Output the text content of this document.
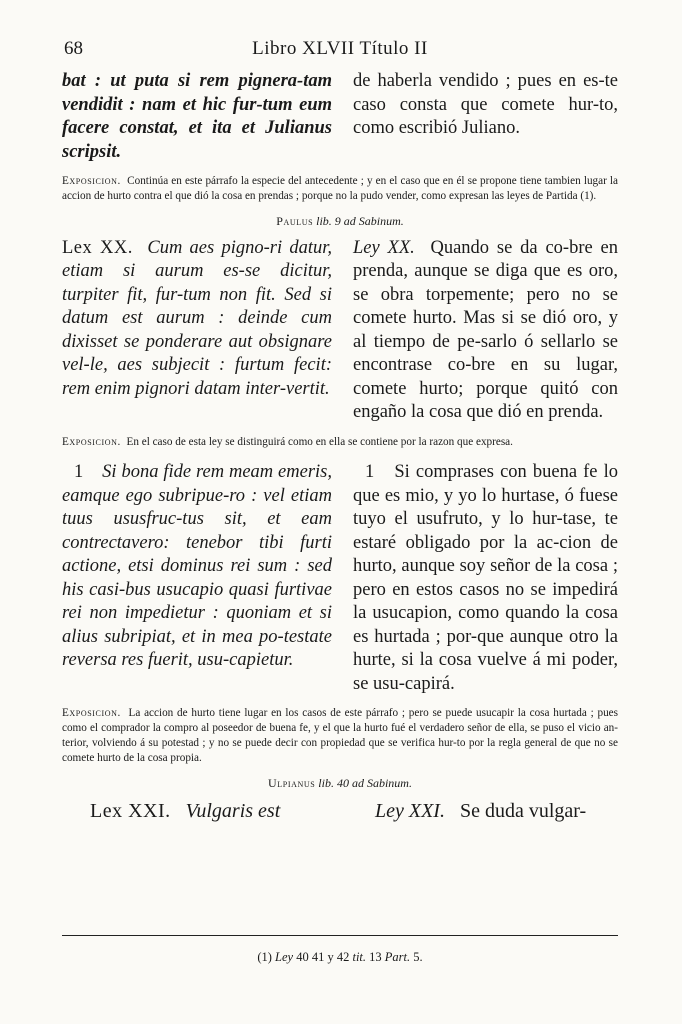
68	Libro XLVII Título II
bat : ut puta si rem pignera-tam vendidit : nam et hic fur-tum eum facere constat, et ita et Julianus scripsit.
de haberla vendido ; pues en es-te caso consta que comete hur-to, como escribió Juliano.
Exposicion. Continúa en este párrafo la especie del antecedente ; y en el caso que en él se propone tiene tambien lugar la accion de hurto contra el que dió la cosa en prendas ; porque no la pudo vender, como expresan las leyes de Partida (1).
Paulus lib. 9 ad Sabinum.
Lex XX. Cum aes pigno-ri datur, etiam si aurum es-se dicitur, turpiter fit, fur-tum non fit. Sed si datum est aurum : deinde cum dixisset se ponderare aut obsignare vel-le, aes subjecit : furtum fecit: rem enim pignori datam inter-vertit.
Ley XX. Quando se da co-bre en prenda, aunque se diga que es oro, se obra torpemente; pero no se comete hurto. Mas si se dió oro, y al tiempo de pe-sarlo ó sellarlo se encontrase co-bre en su lugar, comete hurto; porque quitó con engaño la cosa que dió en prenda.
Exposicion. En el caso de esta ley se distinguirá como en ella se contiene por la razon que expresa.
1 Si bona fide rem meam emeris, eamque ego subripue-ro : vel etiam tuus ususfruc-tus sit, et eam contrectavero: tenebor tibi furti actione, etsi dominus rei sum : sed his casi-bus usucapio quasi furtivae rei non impedietur : quoniam et si alius subripiat, et in mea po-testate reversa res fuerit, usu-capietur.
1 Si comprases con buena fe lo que es mio, y yo lo hurtase, ó fuese tuyo el usufruto, y lo hur-tase, te estaré obligado por la ac-cion de hurto, aunque soy señor de la cosa ; pero en estos casos no se impedirá la usucapion, como quando la cosa es hurtada ; por-que aunque otro la hurte, si la cosa vuelve á mi poder, se usu-capirá.
Exposicion. La accion de hurto tiene lugar en los casos de este párrafo ; pero se puede usucapir la cosa hurtada ; pues como el comprador la compro al poseedor de buena fe, y el que la hurto fué el verdadero señor de ella, se puso el vicio an-terior, volviendo á su potestad ; y no se puede decir con propiedad que se verifica hur-to por la regla general de que no se comete hurto de la cosa propia.
Ulpianus lib. 40 ad Sabinum.
Lex XXI. Vulgaris est	Ley XXI. Se duda vulgar-
(1) Ley 40 41 y 42 tit. 13 Part. 5.
